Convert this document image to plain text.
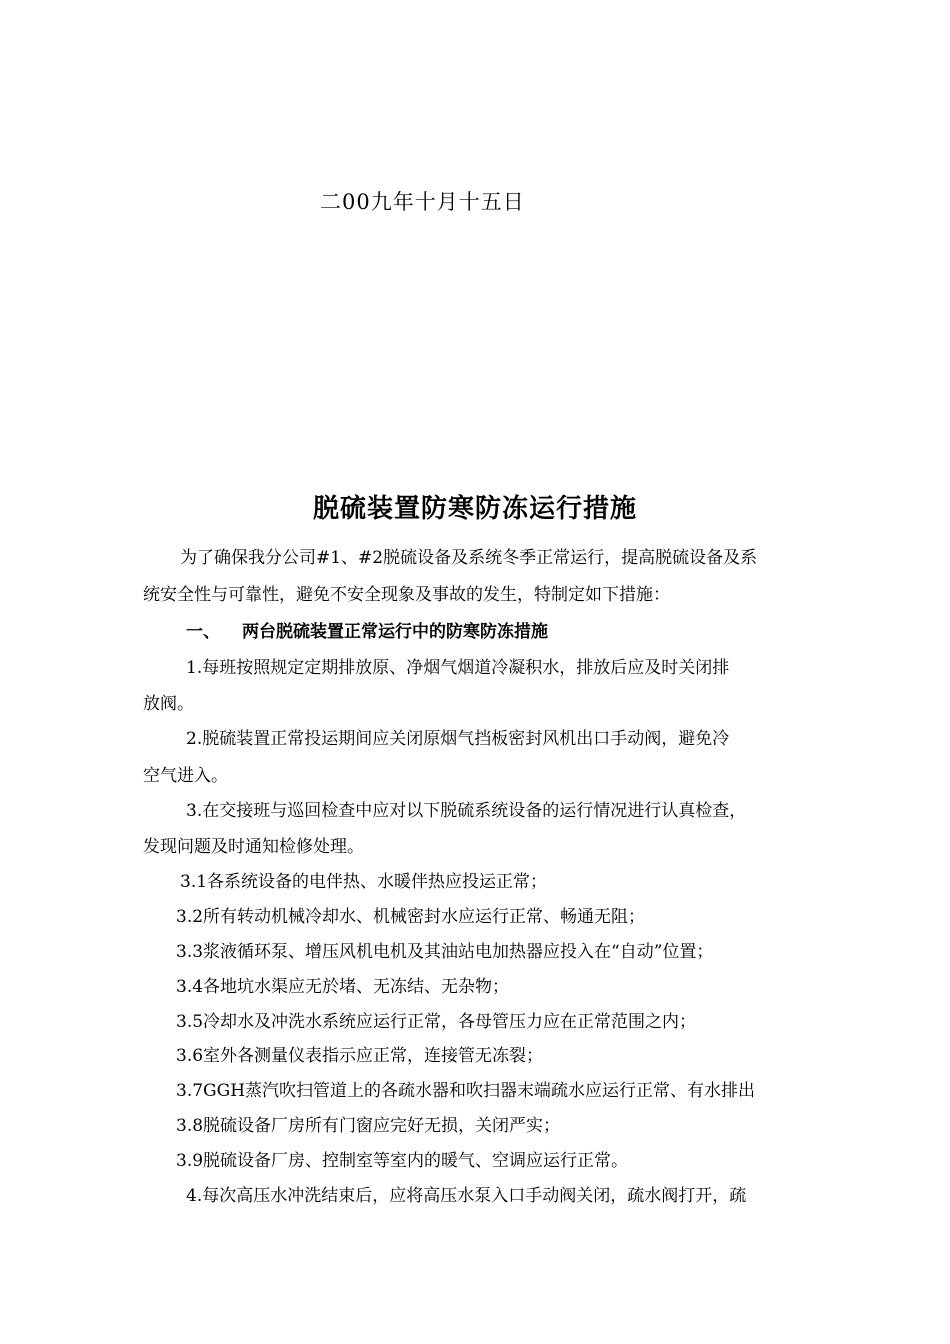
二00九年十月十五日
脱硫装置防寒防冻运行措施
为了确保我分公司#1、#2脱硫设备及系统冬季正常运行，提高脱硫设备及系
统安全性与可靠性，避免不安全现象及事故的发生，特制定如下措施：
一、 两台脱硫装置正常运行中的防寒防冻措施
1.每班按照规定定期排放原、净烟气烟道冷凝积水，排放后应及时关闭排
放阀。
2.脱硫装置正常投运期间应关闭原烟气挡板密封风机出口手动阀，避免冷
空气进入。
3.在交接班与巡回检查中应对以下脱硫系统设备的运行情况进行认真检查，
发现问题及时通知检修处理。
3.1各系统设备的电伴热、水暖伴热应投运正常；
3.2所有转动机械冷却水、机械密封水应运行正常、畅通无阻；
3.3浆液循环泵、增压风机电机及其油站电加热器应投入在“自动”位置；
3.4各地坑水渠应无於堵、无冻结、无杂物；
3.5冷却水及冲洗水系统应运行正常，各母管压力应在正常范围之内；
3.6室外各测量仪表指示应正常，连接管无冻裂；
3.7GGH蒸汽吹扫管道上的各疏水器和吹扫器末端疏水应运行正常、有水排出
3.8脱硫设备厂房所有门窗应完好无损，关闭严实；
3.9脱硫设备厂房、控制室等室内的暖气、空调应运行正常。
4.每次高压水冲洗结束后，应将高压水泵入口手动阀关闭，疏水阀打开，疏
